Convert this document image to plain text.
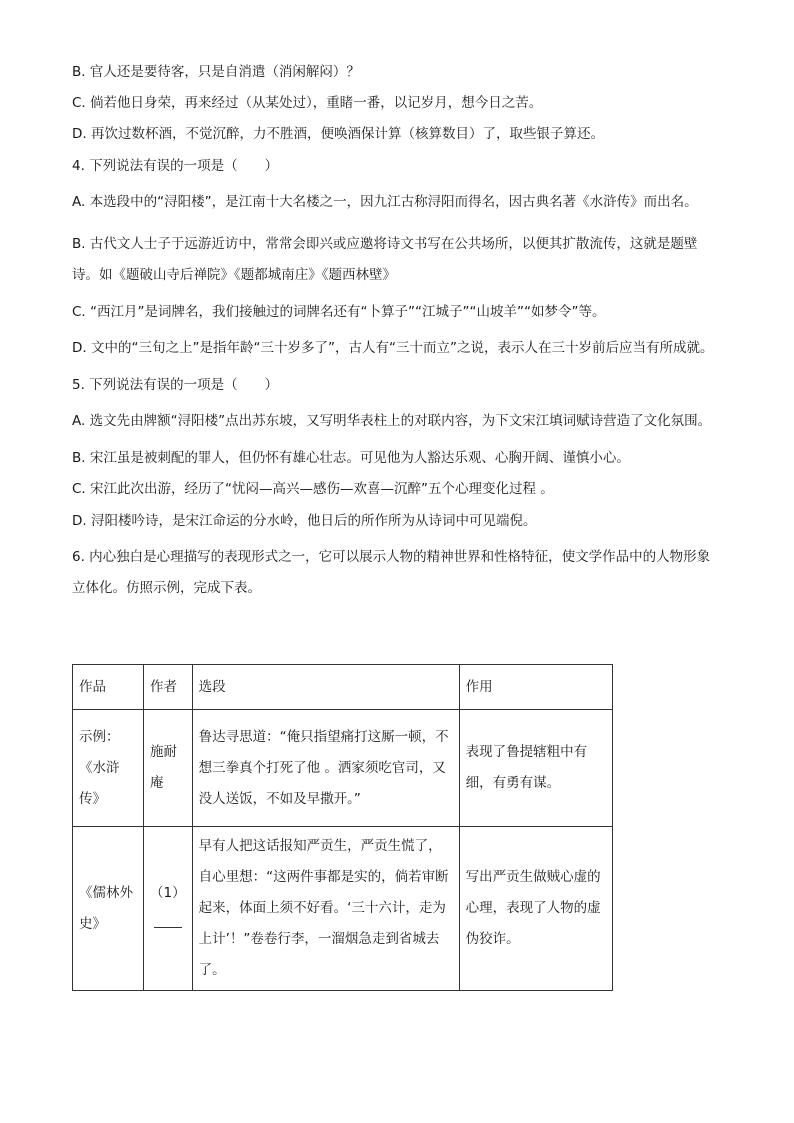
B. 官人还是要待客，只是自消遣（消闲解闷）？

C. 倘若他日身荣，再来经过（从某处过），重睹一番，以记岁月，想今日之苦。

D. 再饮过数杯酒，不觉沉醉，力不胜酒，便唤酒保计算（核算数目）了，取些银子算还。

4. 下列说法有误的一项是（　　）

A. 本选段中的“浔阳楼”，是江南十大名楼之一，因九江古称浔阳而得名，因古典名著《水浒传》而出名。

B. 古代文人士子于远游近访中，常常会即兴或应邀将诗文书写在公共场所，以便其扩散流传，这就是题壁诗。如《题破山寺后禅院》《题都城南庄》《题西林壁》

C. “西江月”是词牌名，我们接触过的词牌名还有“卜算子”“江城子”“山坡羊”“如梦令”等。

D. 文中的“三旬之上”是指年龄“三十岁多了”，古人有“三十而立”之说，表示人在三十岁前后应当有所成就。

5. 下列说法有误的一项是（　　）

A. 选文先由牌额“浔阳楼”点出苏东坡，又写明华表柱上的对联内容，为下文宋江填词赋诗营造了文化氛围。

B. 宋江虽是被刺配的罪人，但仍怀有雄心壮志。可见他为人豁达乐观、心胸开阔、谨慎小心。

C. 宋江此次出游，经历了“忧闷—高兴—感伤—欢喜—沉醉”五个心理变化过程 。

D. 浔阳楼吟诗，是宋江命运的分水岭，他日后的所作所为从诗词中可见端倪。

6. 内心独白是心理描写的表现形式之一，它可以展示人物的精神世界和性格特征，使文学作品中的人物形象立体化。仿照示例，完成下表。

作品	作者	选段	作用
示例：《水浒传》	施耐庵	鲁达寻思道：“俺只指望痛打这厮一顿，不想三拳真个打死了他 。洒家须吃官司，又没人送饭，不如及早撒开。”	表现了鲁提辖粗中有细，有勇有谋。
《儒林外史》	（1）	早有人把这话报知严贡生，严贡生慌了，自心里想：“这两件事都是实的，倘若审断起来，体面上须不好看。‘三十六计，走为上计’！”卷卷行李，一溜烟急走到省城去了。	写出严贡生做贼心虚的心理，表现了人物的虚伪狡诈。
